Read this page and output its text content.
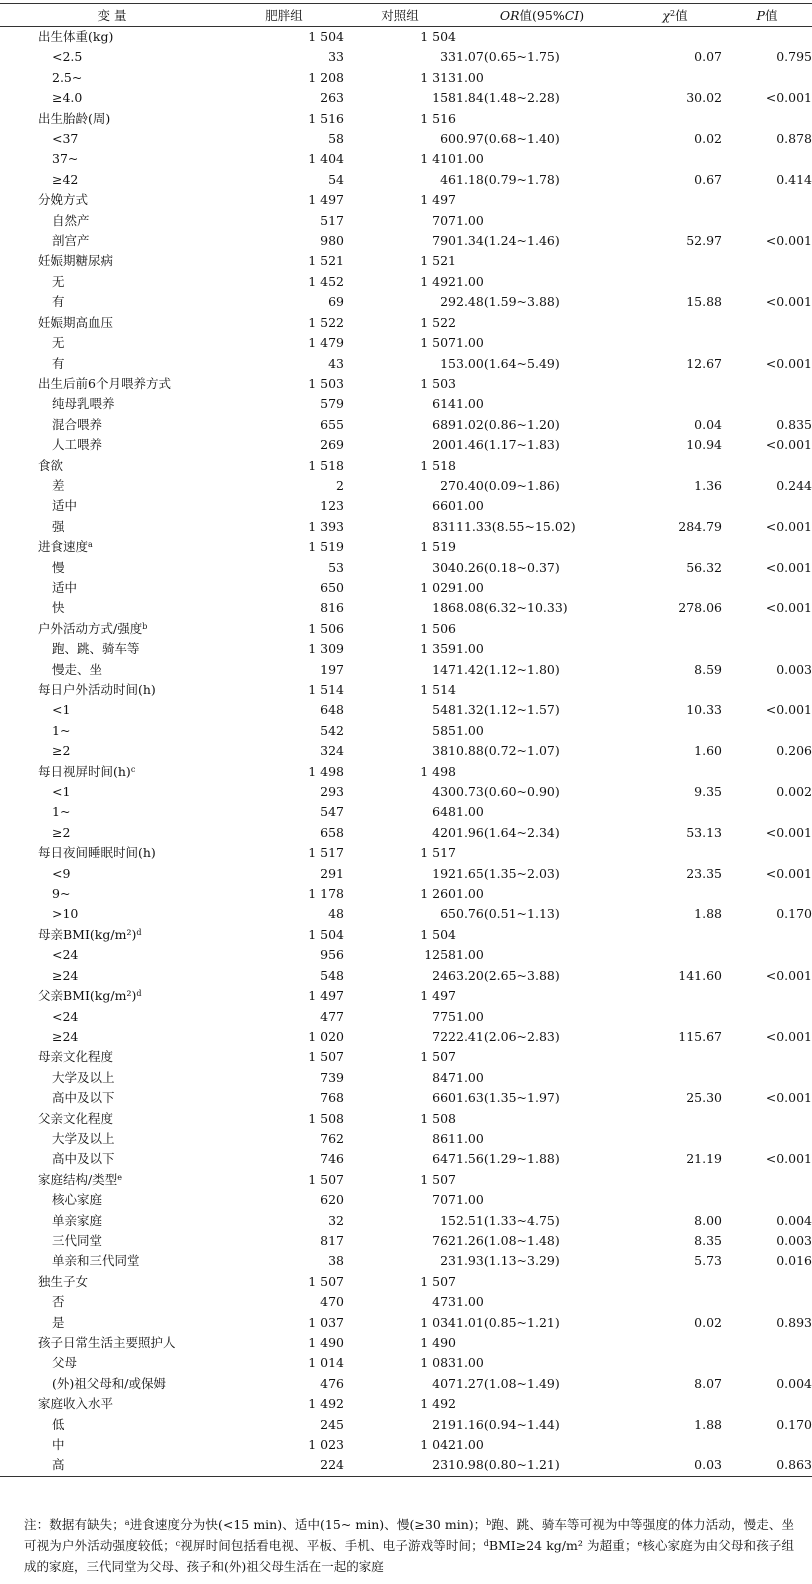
变 量	肥胖组	对照组	OR值(95%CI)	$\chi^2$值	P值
出生体重(kg)	1 504	1 504			
<2.5	33	33	1.07(0.65~1.75)	0.07	0.795
2.5~	1 208	1 313	1.00		
≥4.0	263	158	1.84(1.48~2.28)	30.02	<0.001
出生胎龄(周)	1 516	1 516			
<37	58	60	0.97(0.68~1.40)	0.02	0.878
37~	1 404	1 410	1.00		
≥42	54	46	1.18(0.79~1.78)	0.67	0.414
分娩方式	1 497	1 497			
自然产	517	707	1.00		
剖宫产	980	790	1.34(1.24~1.46)	52.97	<0.001
妊娠期糖尿病	1 521	1 521			
无	1 452	1 492	1.00		
有	69	29	2.48(1.59~3.88)	15.88	<0.001
妊娠期高血压	1 522	1 522			
无	1 479	1 507	1.00		
有	43	15	3.00(1.64~5.49)	12.67	<0.001
出生后前6个月喂养方式	1 503	1 503			
纯母乳喂养	579	614	1.00		
混合喂养	655	689	1.02(0.86~1.20)	0.04	0.835
人工喂养	269	200	1.46(1.17~1.83)	10.94	<0.001
食欲	1 518	1 518			
差	2	27	0.40(0.09~1.86)	1.36	0.244
适中	123	660	1.00		
强	1 393	831	11.33(8.55~15.02)	284.79	<0.001
进食速度$^a$	1 519	1 519			
慢	53	304	0.26(0.18~0.37)	56.32	<0.001
适中	650	1 029	1.00		
快	816	186	8.08(6.32~10.33)	278.06	<0.001
户外活动方式/强度$^b$	1 506	1 506			
跑、跳、骑车等	1 309	1 359	1.00		
慢走、坐	197	147	1.42(1.12~1.80)	8.59	0.003
每日户外活动时间(h)	1 514	1 514			
<1	648	548	1.32(1.12~1.57)	10.33	<0.001
1~	542	585	1.00		
≥2	324	381	0.88(0.72~1.07)	1.60	0.206
每日视屏时间$(h)^c$	1 498	1 498			
<1	293	430	0.73(0.60~0.90)	9.35	0.002
1~	547	648	1.00		
≥2	658	420	1.96(1.64~2.34)	53.13	<0.001
每日夜间睡眠时间(h)	1 517	1 517			
<9	291	192	1.65(1.35~2.03)	23.35	<0.001
9~	1 178	1 260	1.00		
>10	48	65	0.76(0.51~1.13)	1.88	0.170
母亲$BMI(kg/m^2)^d$	1 504	1 504			
<24	956	1258	1.00		
≥24	548	246	3.20(2.65~3.88)	141.60	<0.001
父亲$BMI(kg/m^2)^d$	1 497	1 497			
<24	477	775	1.00		
≥24	1 020	722	2.41(2.06~2.83)	115.67	<0.001
母亲文化程度	1 507	1 507			
大学及以上	739	847	1.00		
高中及以下	768	660	1.63(1.35~1.97)	25.30	<0.001
父亲文化程度	1 508	1 508			
大学及以上	762	861	1.00		
高中及以下	746	647	1.56(1.29~1.88)	21.19	<0.001
家庭结构/类型$^e$	1 507	1 507			
核心家庭	620	707	1.00		
单亲家庭	32	15	2.51(1.33~4.75)	8.00	0.004
三代同堂	817	762	1.26(1.08~1.48)	8.35	0.003
单亲和三代同堂	38	23	1.93(1.13~3.29)	5.73	0.016
独生子女	1 507	1 507			
否	470	473	1.00		
是	1 037	1 034	1.01(0.85~1.21)	0.02	0.893
孩子日常生活主要照护人	1 490	1 490			
父母	1 014	1 083	1.00		
(外)祖父母和/或保姆	476	407	1.27(1.08~1.49)	8.07	0.004
家庭收入水平	1 492	1 492			
低	245	219	1.16(0.94~1.44)	1.88	0.170
中	1 023	1 042	1.00		
高	224	231	0.98(0.80~1.21)	0.03	0.863
注：数据有缺失；$^a$进食速度分为快(<15 min)、适中(15~ min)、慢(≥30 min)；$^b$跑、跳、骑车等可视为中等强度的体力活动，慢走、坐可视为户外活动强度较低；$^c$视屏时间包括看电视、平板、手机、电子游戏等时间；$^d$BMI≥24 kg/m² 为超重；$^e$核心家庭为由父母和孩子组成的家庭，三代同堂为父母、孩子和(外)祖父母生活在一起的家庭
